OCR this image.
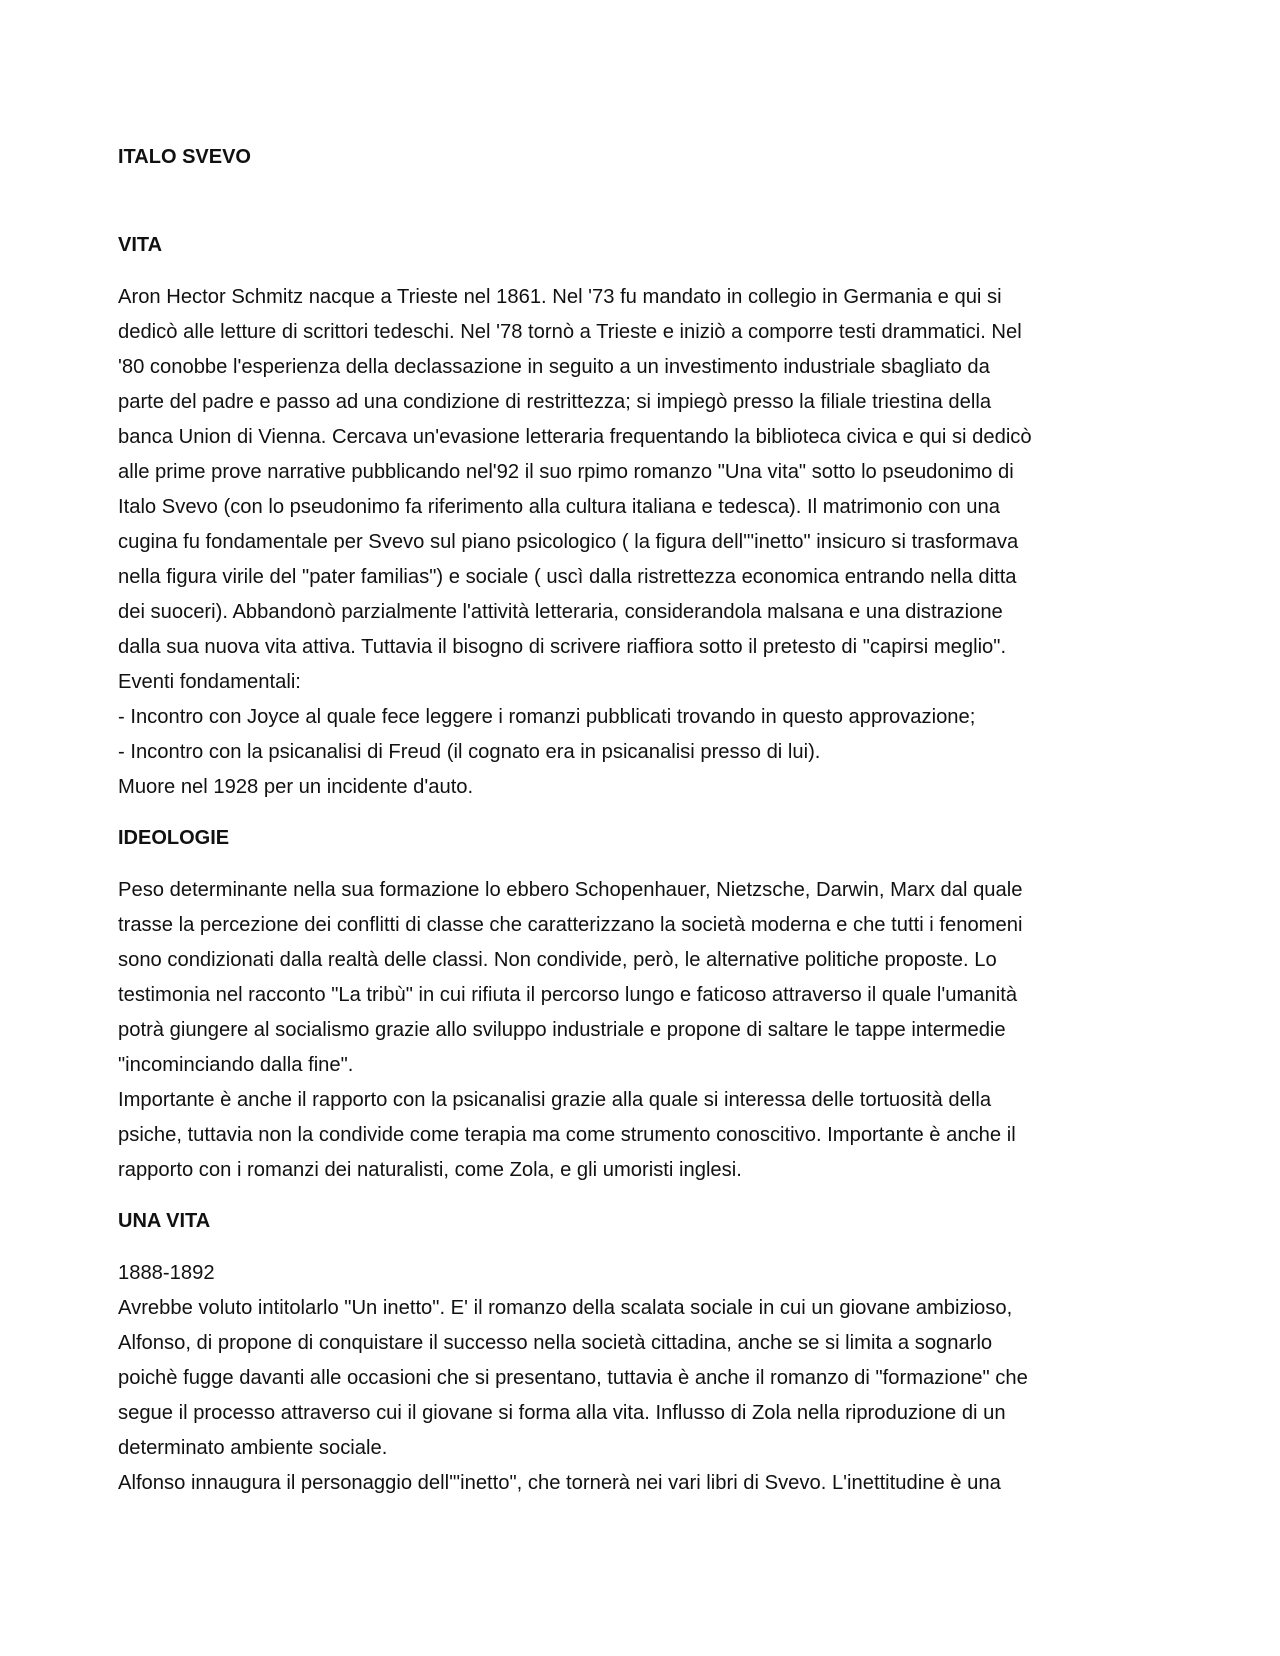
ITALO SVEVO

VITA

Aron Hector Schmitz nacque a Trieste nel 1861. Nel '73 fu mandato in collegio in Germania e qui si

dedicò alle letture di scrittori tedeschi. Nel '78 tornò a Trieste e iniziò a comporre testi drammatici. Nel

'80 conobbe l'esperienza della declassazione in seguito a un investimento industriale sbagliato da

parte del padre e passo ad una condizione di restrittezza; si impiegò presso la filiale triestina della

banca Union di Vienna. Cercava un'evasione letteraria frequentando la biblioteca civica e qui si dedicò

alle prime prove narrative pubblicando nel'92 il suo rpimo romanzo "Una vita" sotto lo pseudonimo di

Italo Svevo (con lo pseudonimo fa riferimento alla cultura italiana e tedesca). Il matrimonio con una

cugina fu fondamentale per Svevo sul piano psicologico ( la figura dell'"inetto" insicuro si trasformava

nella figura virile del "pater familias") e sociale ( uscì dalla ristrettezza economica entrando nella ditta

dei suoceri). Abbandonò parzialmente l'attività letteraria, considerandola malsana e una distrazione

dalla sua nuova vita attiva. Tuttavia il bisogno di scrivere riaffiora sotto il pretesto di "capirsi meglio".

Eventi fondamentali:

- Incontro con Joyce al quale fece leggere i romanzi pubblicati trovando in questo approvazione;

- Incontro con la psicanalisi di Freud (il cognato era in psicanalisi presso di lui).

Muore nel 1928 per un incidente d'auto.

IDEOLOGIE

Peso determinante nella sua formazione lo ebbero Schopenhauer, Nietzsche, Darwin, Marx dal quale

trasse la percezione dei conflitti di classe che caratterizzano la società moderna e che tutti i fenomeni

sono condizionati dalla realtà delle classi. Non condivide, però, le alternative politiche proposte. Lo

testimonia nel racconto "La tribù" in cui rifiuta il percorso lungo e faticoso attraverso il quale l'umanità

potrà giungere al socialismo grazie allo sviluppo industriale e propone di saltare le tappe intermedie

"incominciando dalla fine".

Importante è anche il rapporto con la psicanalisi grazie alla quale si interessa delle tortuosità della

psiche, tuttavia non la condivide come terapia ma come strumento conoscitivo. Importante è anche il

rapporto con i romanzi dei naturalisti, come Zola, e gli umoristi inglesi.

UNA VITA

1888-1892

Avrebbe voluto intitolarlo "Un inetto". E' il romanzo della scalata sociale in cui un giovane ambizioso,

Alfonso, di propone di conquistare il successo nella società cittadina, anche se si limita a sognarlo

poichè fugge davanti alle occasioni che si presentano, tuttavia è anche il romanzo di "formazione" che

segue il processo attraverso cui il giovane si forma alla vita. Influsso di Zola nella riproduzione di un

determinato ambiente sociale.

Alfonso innaugura il personaggio dell'"inetto", che tornerà nei vari libri di Svevo. L'inettitudine è una
